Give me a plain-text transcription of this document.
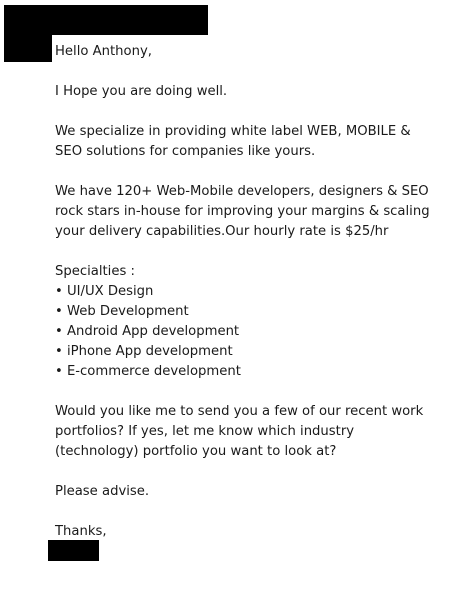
Hello Anthony,

I Hope you are doing well.

We specialize in providing white label WEB, MOBILE &

SEO solutions for companies like yours.

We have 120+ Web-Mobile developers, designers & SEO

rock stars in-house for improving your margins & scaling

your delivery capabilities.Our hourly rate is $25/hr

Specialties :

• UI/UX Design

• Web Development

• Android App development

• iPhone App development

• E-commerce development

Would you like me to send you a few of our recent work

portfolios? If yes, let me know which industry

(technology) portfolio you want to look at?

Please advise.

Thanks,
